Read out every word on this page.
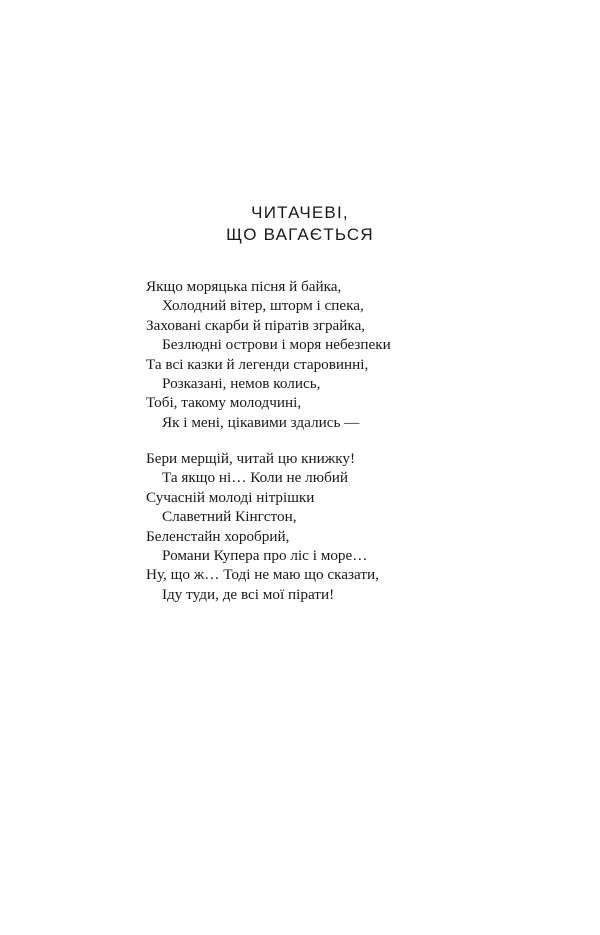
ЧИТАЧЕВІ,
ЩО ВАГАЄТЬСЯ
Якщо моряцька пісня й байка,
Холодний вітер, шторм і спека,
Заховані скарби й піратів зграйка,
Безлюдні острови і моря небезпеки
Та всі казки й легенди старовинні,
Розказані, немов колись,
Тобі, такому молодчині,
Як і мені, цікавими здались —
Бери мерщій, читай цю книжку!
Та якщо ні… Коли не любий
Сучасній молоді нітрішки
Славетний Кінгстон,
Беленстайн хоробрий,
Романи Купера про ліс і море…
Ну, що ж… Тоді не маю що сказати,
Іду туди, де всі мої пірати!
